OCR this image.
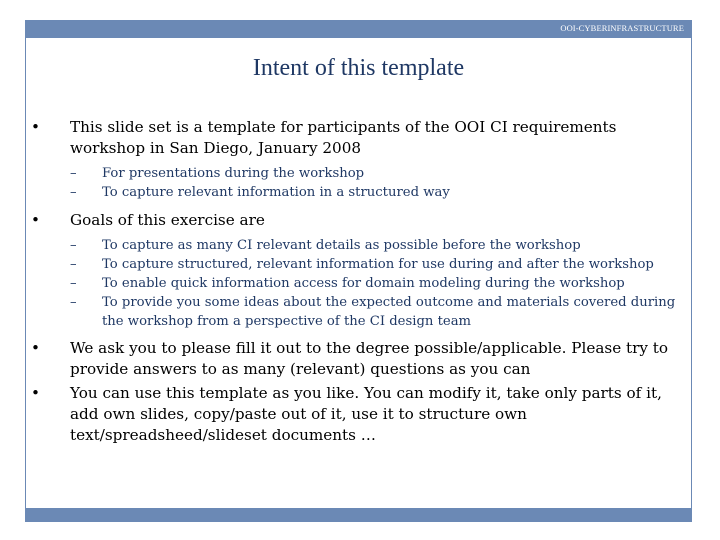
OOI-CYBERINFRASTRUCTURE
Intent of this template

• This slide set is a template for participants of the OOI CI requirements workshop in San Diego, January 2008

– For presentations during the workshop

– To capture relevant information in a structured way

• Goals of this exercise are

– To capture as many CI relevant details as possible before the workshop

– To capture structured, relevant information for use during and after the workshop

– To enable quick information access for domain modeling during the workshop

– To provide you some ideas about the expected outcome and materials covered during the workshop from a perspective of the CI design team

• We ask you to please fill it out to the degree possible/applicable. Please try to provide answers to as many (relevant) questions as you can

• You can use this template as you like. You can modify it, take only parts of it, add own slides, copy/paste out of it, use it to structure own text/spreadsheed/slideset documents …
